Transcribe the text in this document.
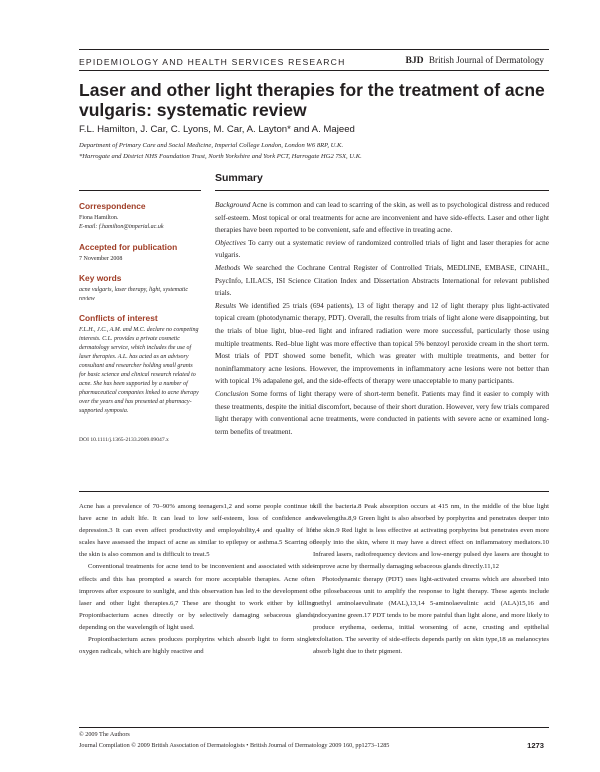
EPIDEMIOLOGY AND HEALTH SERVICES RESEARCH	BJD British Journal of Dermatology
Laser and other light therapies for the treatment of acne vulgaris: systematic review
F.L. Hamilton, J. Car, C. Lyons, M. Car, A. Layton* and A. Majeed
Department of Primary Care and Social Medicine, Imperial College London, London W6 8RP, U.K.
*Harrogate and District NHS Foundation Trust, North Yorkshire and York PCT, Harrogate HG2 7SX, U.K.
Summary
Correspondence
Fiona Hamilton.
E-mail: f.hamilton@imperial.ac.uk
Accepted for publication
7 November 2008
Key words
acne vulgaris, laser therapy, light, systematic review
Conflicts of interest
F.L.H., J.C., A.M. and M.C. declare no competing interests. C.L. provides a private cosmetic dermatology service, which includes the use of laser therapies. A.L. has acted as an advisory consultant and researcher holding small grants for basic science and clinical research related to acne. She has been supported by a number of pharmaceutical companies linked to acne therapy over the years and has presented at pharmacy-supported symposia.
DOI 10.1111/j.1365-2133.2009.09047.x

Background Acne is common and can lead to scarring of the skin, as well as to psychological distress and reduced self-esteem. Most topical or oral treatments for acne are inconvenient and have side-effects. Laser and other light therapies have been reported to be convenient, safe and effective in treating acne.

Objectives To carry out a systematic review of randomized controlled trials of light and laser therapies for acne vulgaris.

Methods We searched the Cochrane Central Register of Controlled Trials, MEDLINE, EMBASE, CINAHL, PsycInfo, LILACS, ISI Science Citation Index and Dissertation Abstracts International for relevant published trials.

Results We identified 25 trials (694 patients), 13 of light therapy and 12 of light therapy plus light-activated topical cream (photodynamic therapy, PDT). Overall, the results from trials of light alone were disappointing, but the trials of blue light, blue–red light and infrared radiation were more successful, particularly those using multiple treatments. Red–blue light was more effective than topical 5% benzoyl peroxide cream in the short term. Most trials of PDT showed some benefit, which was greater with multiple treatments, and better for noninflammatory acne lesions. However, the improvements in inflammatory acne lesions were not better than with topical 1% adapalene gel, and the side-effects of therapy were unacceptable to many participants.

Conclusion Some forms of light therapy were of short-term benefit. Patients may find it easier to comply with these treatments, despite the initial discomfort, because of their short duration. However, very few trials compared light therapy with conventional acne treatments, were conducted in patients with severe acne or examined long-term benefits of treatment.

Acne has a prevalence of 70–90% among teenagers1,2 and some people continue to have acne in adult life. It can lead to low self-esteem, loss of confidence and depression.3 It can even affect productivity and employability,4 and quality of life scales have assessed the impact of acne as similar to epilepsy or asthma.5 Scarring of the skin is also common and is difficult to treat.5

Conventional treatments for acne tend to be inconvenient and associated with side-effects and this has prompted a search for more acceptable therapies. Acne often improves after exposure to sunlight, and this observation has led to the development of laser and other light therapies.6,7 These are thought to work either by killing Propionibacterium acnes directly or by selectively damaging sebaceous glands, depending on the wavelength of light used.

Propionibacterium acnes produces porphyrins which absorb light to form singlet oxygen radicals, which are highly reactive and

kill the bacteria.8 Peak absorption occurs at 415 nm, in the middle of the blue light wavelengths.8,9 Green light is also absorbed by porphyrins and penetrates deeper into the skin.9 Red light is less effective at activating porphyrins but penetrates even more deeply into the skin, where it may have a direct effect on inflammatory mediators.10 Infrared lasers, radiofrequency devices and low-energy pulsed dye lasers are thought to improve acne by thermally damaging sebaceous glands directly.11,12

Photodynamic therapy (PDT) uses light-activated creams which are absorbed into the pilosebaceous unit to amplify the response to light therapy. These agents include methyl aminolaevulinate (MAL),13,14 5-aminolaevulinic acid (ALA)15,16 and indocyanine green.17 PDT tends to be more painful than light alone, and more likely to produce erythema, oedema, initial worsening of acne, crusting and epithelial exfoliation. The severity of side-effects depends partly on skin type,18 as melanocytes absorb light due to their pigment.

© 2009 The Authors
Journal Compilation © 2009 British Association of Dermatologists • British Journal of Dermatology 2009 160, pp1273–1285	1273
